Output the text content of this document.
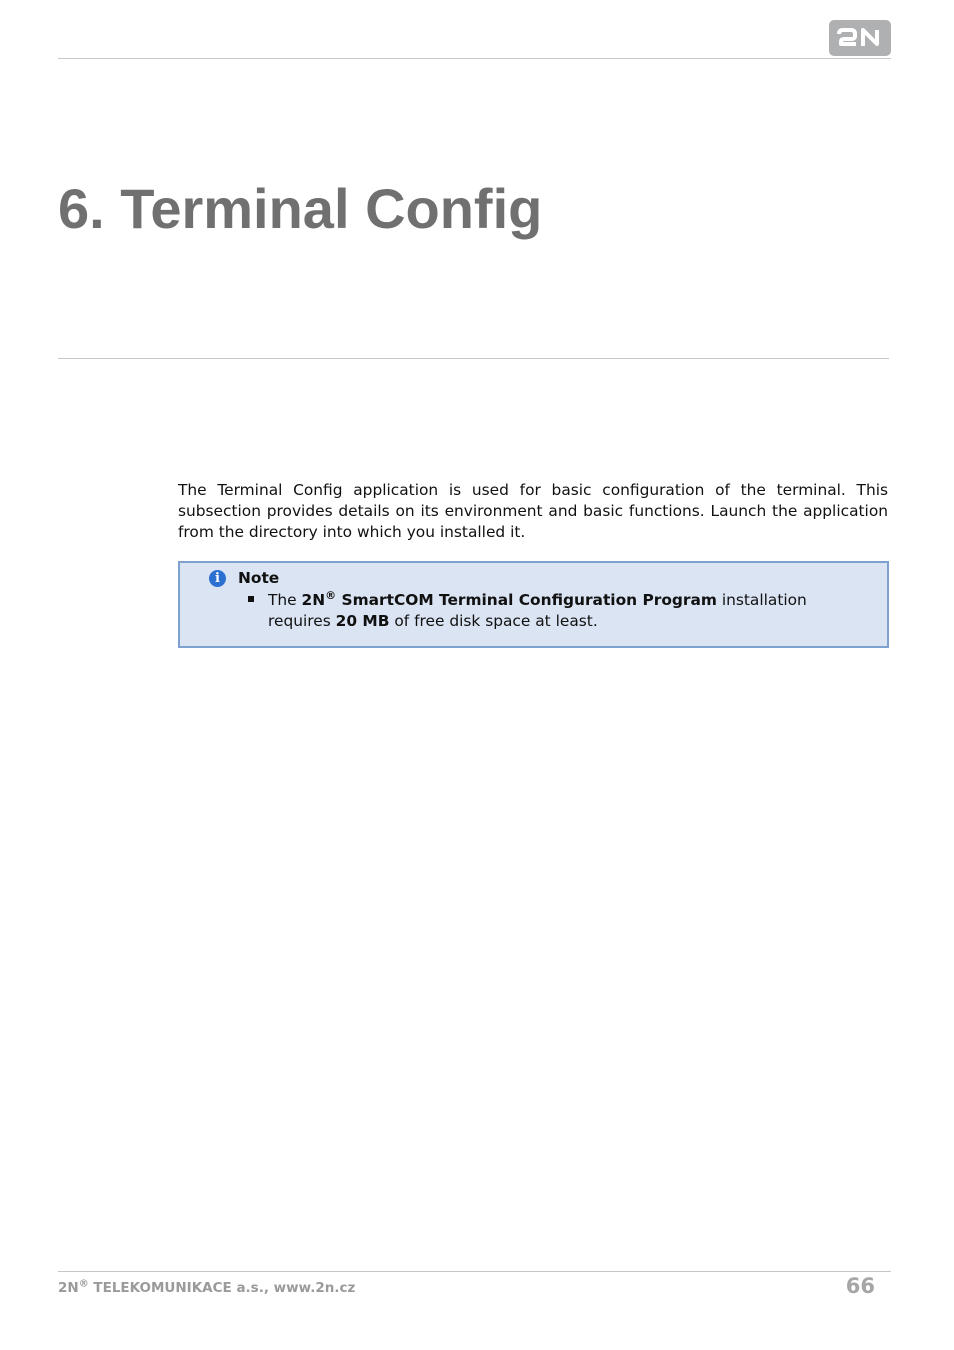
6. Terminal Config

The Terminal Config application is used for basic configuration of the terminal. This subsection provides details on its environment and basic functions. Launch the application from the directory into which you installed it.

i	Note
The 2N® SmartCOM Terminal Configuration Program installation requires 20 MB of free disk space at least.
2N® TELEKOMUNIKACE a.s., www.2n.cz	66
